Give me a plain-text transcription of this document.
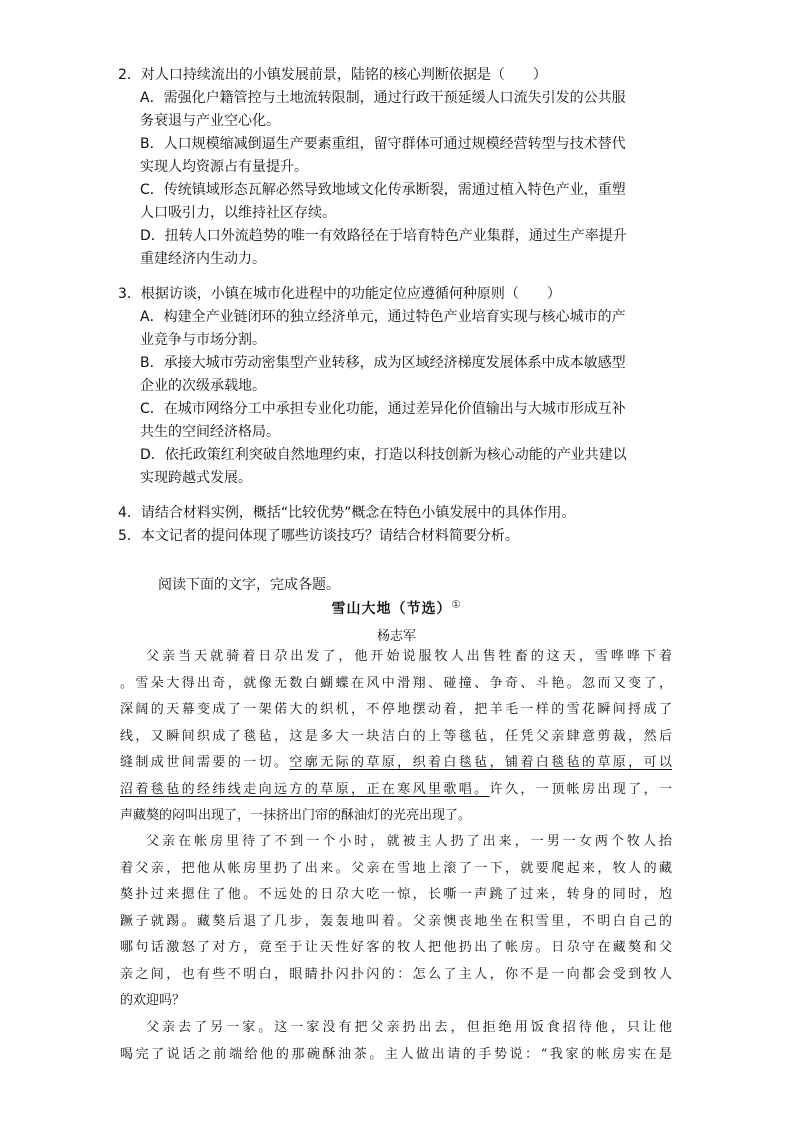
2．对人口持续流出的小镇发展前景，陆铭的核心判断依据是（　　）
A．需强化户籍管控与土地流转限制，通过行政干预延缓人口流失引发的公共服
务衰退与产业空心化。
B．人口规模缩减倒逼生产要素重组，留守群体可通过规模经营转型与技术替代
实现人均资源占有量提升。
C．传统镇域形态瓦解必然导致地域文化传承断裂，需通过植入特色产业，重塑
人口吸引力，以维持社区存续。
D．扭转人口外流趋势的唯一有效路径在于培育特色产业集群，通过生产率提升
重建经济内生动力。
3．根据访谈，小镇在城市化进程中的功能定位应遵循何种原则（　　）
A．构建全产业链闭环的独立经济单元，通过特色产业培育实现与核心城市的产
业竞争与市场分割。
B．承接大城市劳动密集型产业转移，成为区域经济梯度发展体系中成本敏感型
企业的次级承载地。
C．在城市网络分工中承担专业化功能，通过差异化价值输出与大城市形成互补
共生的空间经济格局。
D．依托政策红利突破自然地理约束，打造以科技创新为核心动能的产业共建以
实现跨越式发展。
4．请结合材料实例，概括“比较优势”概念在特色小镇发展中的具体作用。
5．本文记者的提问体现了哪些访谈技巧？请结合材料简要分析。
阅读下面的文字，完成各题。
雪山大地（节选）①
杨志军
父亲当天就骑着日尕出发了，他开始说服牧人出售牲畜的这天，雪哗哗下着
。雪朵大得出奇，就像无数白蝴蝶在风中滑翔、碰撞、争奇、斗艳。忽而又变了，
深阔的天幕变成了一架偌大的织机，不停地摆动着，把羊毛一样的雪花瞬间捋成了
线，又瞬间织成了毯毡，这是多大一块洁白的上等毯毡，任凭父亲肆意剪裁，然后
缝制成世间需要的一切。空廓无际的草原，织着白毯毡，铺着白毯毡的草原，可以
沼着毯毡的经纬线走向远方的草原，正在寒风里歌唱。许久，一顶帐房出现了，一
声藏獒的闷叫出现了，一抹挤出门帘的酥油灯的光亮出现了。
父亲在帐房里待了不到一个小时，就被主人扔了出来，一男一女两个牧人抬
着父亲，把他从帐房里扔了出来。父亲在雪地上滚了一下，就要爬起来，牧人的藏
獒扑过来摁住了他。不远处的日尕大吃一惊，长嘶一声跳了过来，转身的同时，尥
蹶子就踢。藏獒后退了几步，轰轰地叫着。父亲懊丧地坐在积雪里，不明白自己的
哪句话激怒了对方，竟至于让天性好客的牧人把他扔出了帐房。日尕守在藏獒和父
亲之间，也有些不明白，眼睛扑闪扑闪的：怎么了主人，你不是一向都会受到牧人
的欢迎吗？
父亲去了另一家。这一家没有把父亲扔出去，但拒绝用饭食招待他，只让他
喝完了说话之前端给他的那碗酥油茶。主人做出请的手势说：“我家的帐房实在是
